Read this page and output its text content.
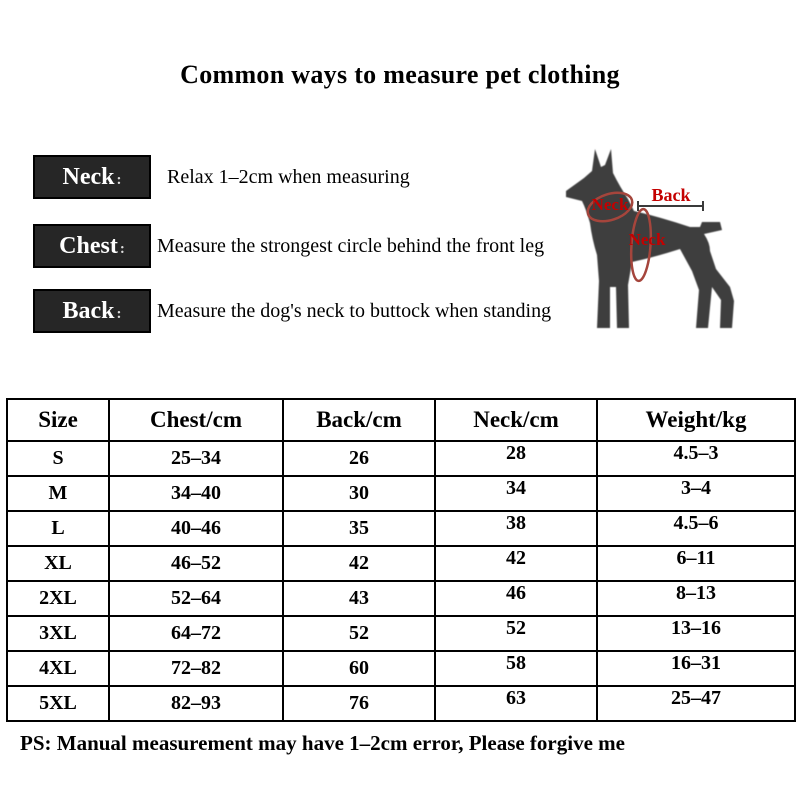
Common ways to measure pet clothing
Neck : Relax 1–2cm when measuring
Chest : Measure the strongest circle behind the front leg
Back : Measure the dog's neck to buttock when standing
Neck Back
Neck
Size	Chest/cm	Back/cm	Neck/cm	Weight/kg
S	25–34	26	28	4.5–3
M	34–40	30	34	3–4
L	40–46	35	38	4.5–6
XL	46–52	42	42	6–11
2XL	52–64	43	46	8–13
3XL	64–72	52	52	13–16
4XL	72–82	60	58	16–31
5XL	82–93	76	63	25–47
PS: Manual measurement may have 1–2cm error, Please forgive me
